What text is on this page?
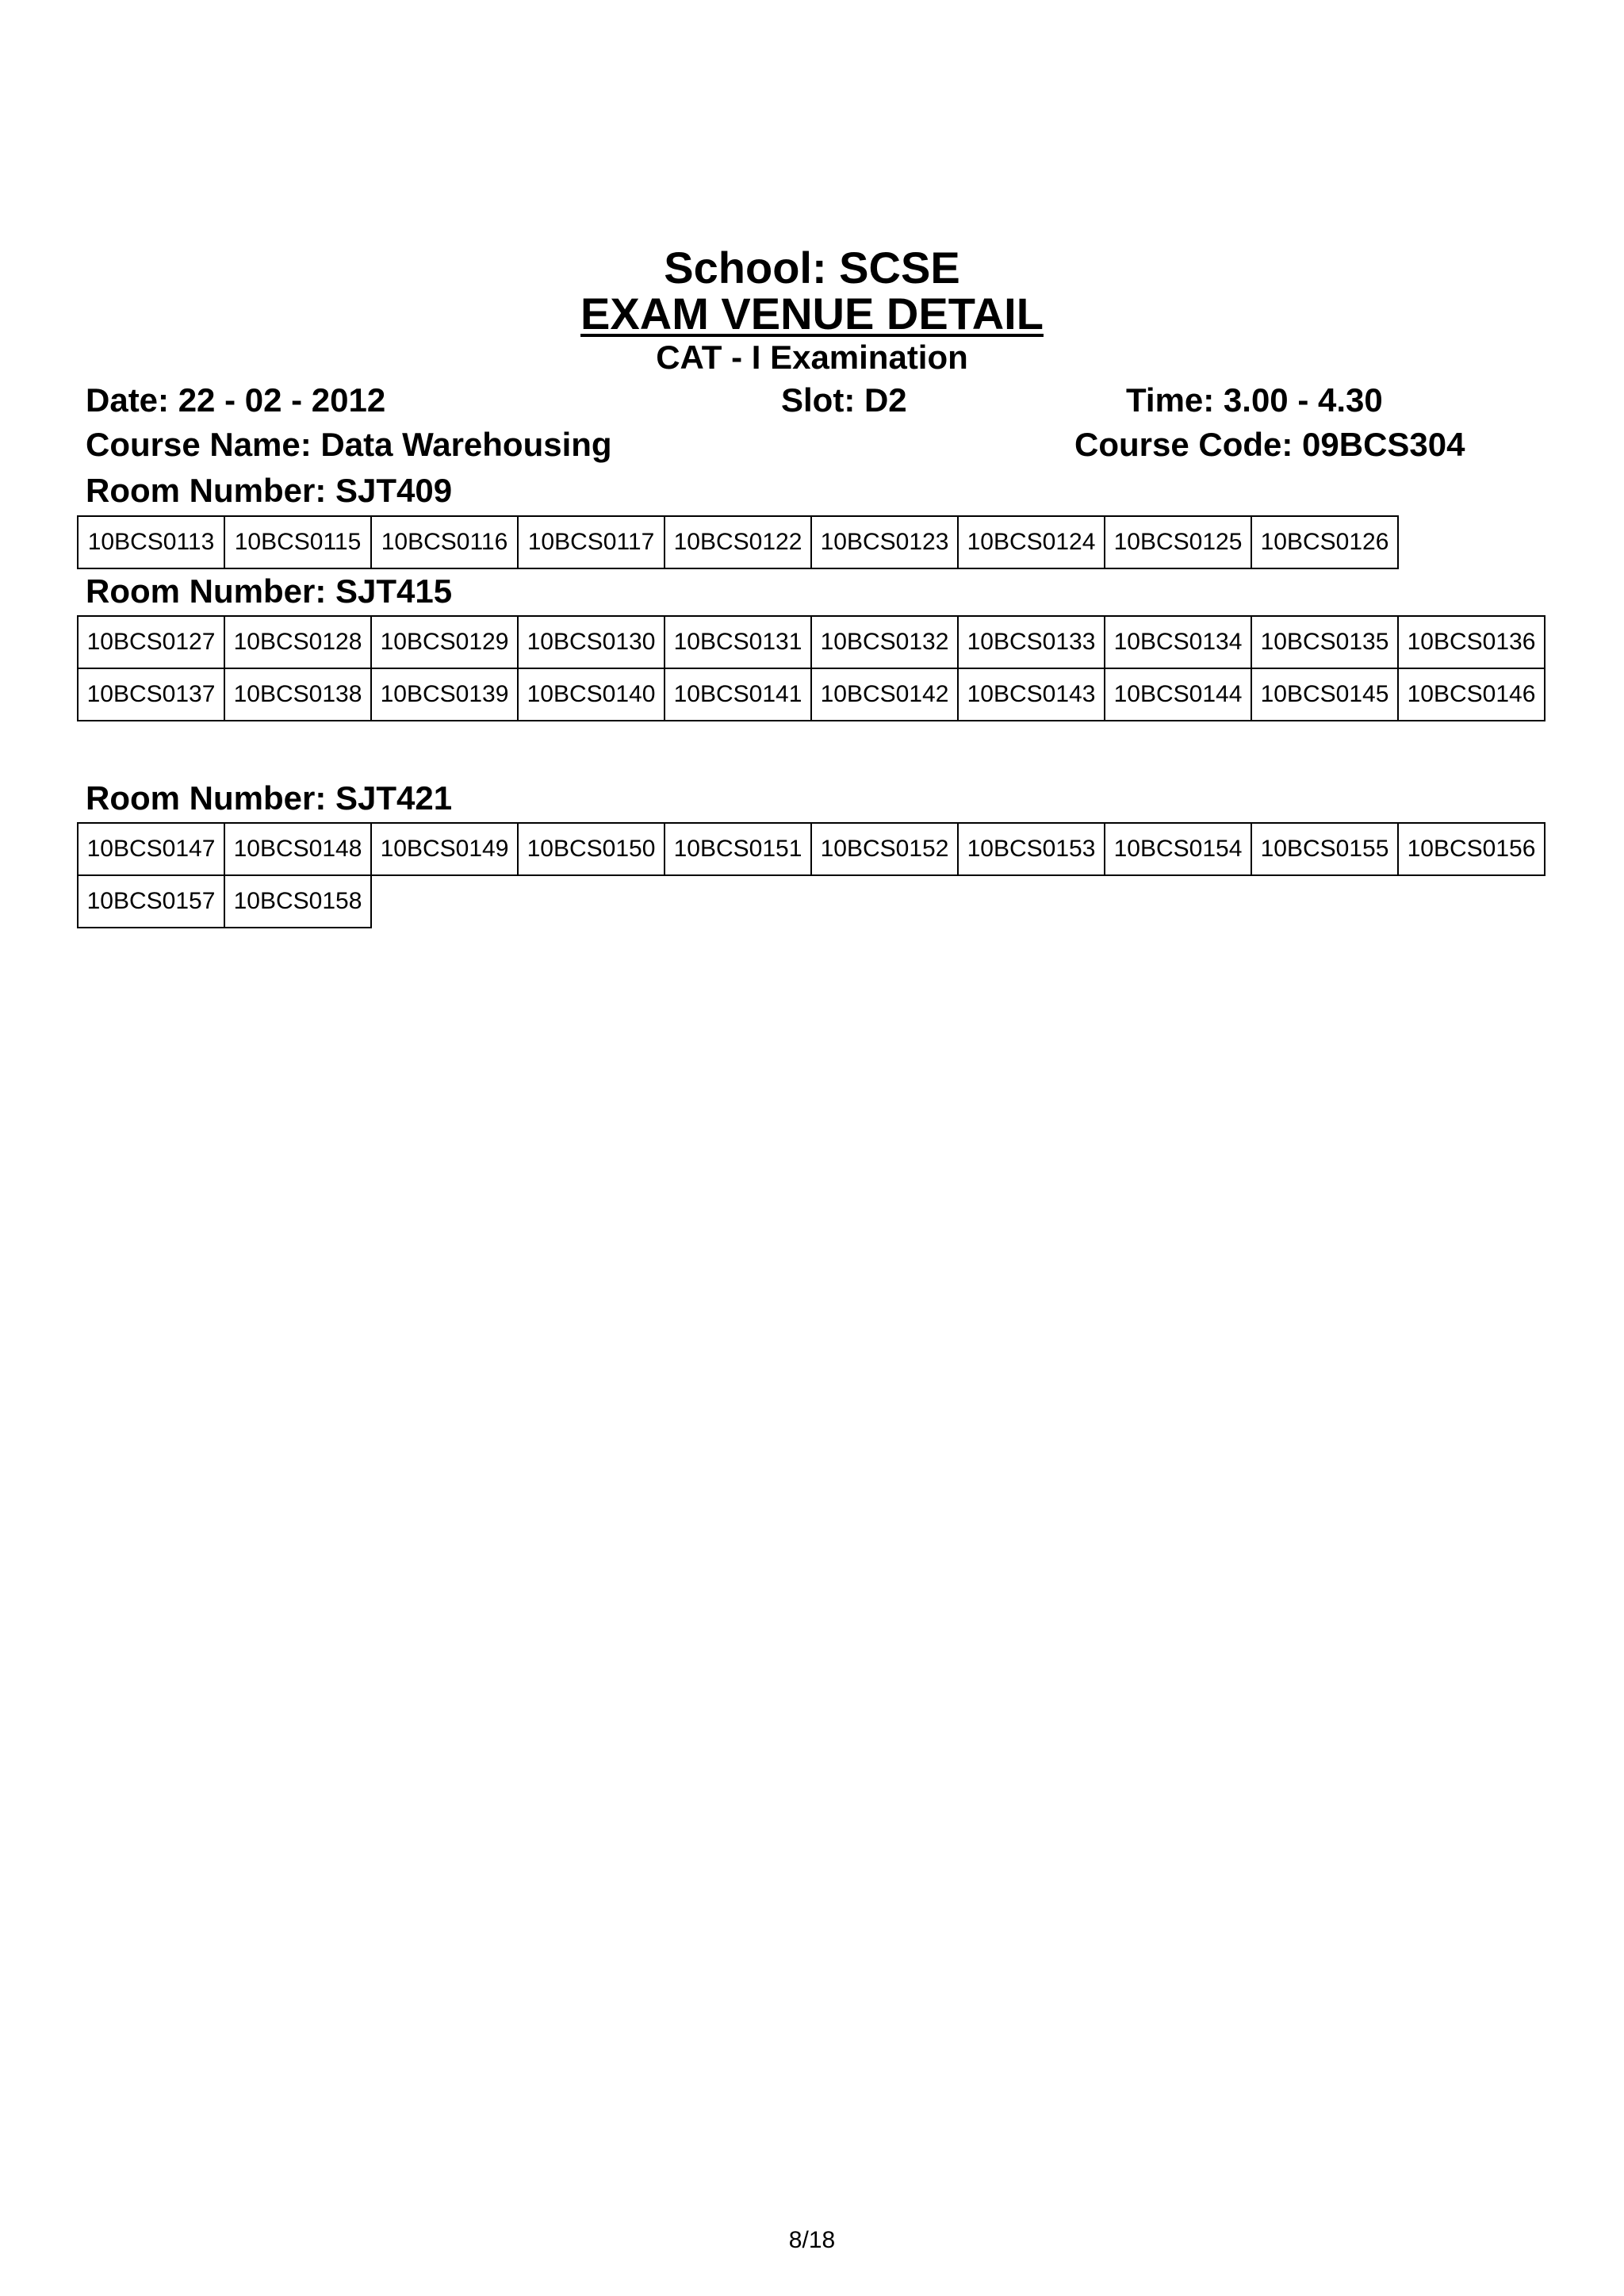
School: SCSE
EXAM VENUE DETAIL
CAT - I Examination
Date: 22 - 02 - 2012	Slot: D2	Time: 3.00 - 4.30
Course Name: Data Warehousing	Course Code: 09BCS304
Room Number: SJT409
10BCS0113	10BCS0115	10BCS0116	10BCS0117	10BCS0122	10BCS0123	10BCS0124	10BCS0125	10BCS0126
Room Number: SJT415
10BCS0127	10BCS0128	10BCS0129	10BCS0130	10BCS0131	10BCS0132	10BCS0133	10BCS0134	10BCS0135	10BCS0136
10BCS0137	10BCS0138	10BCS0139	10BCS0140	10BCS0141	10BCS0142	10BCS0143	10BCS0144	10BCS0145	10BCS0146
Room Number: SJT421
10BCS0147	10BCS0148	10BCS0149	10BCS0150	10BCS0151	10BCS0152	10BCS0153	10BCS0154	10BCS0155	10BCS0156
10BCS0157	10BCS0158
8/18
